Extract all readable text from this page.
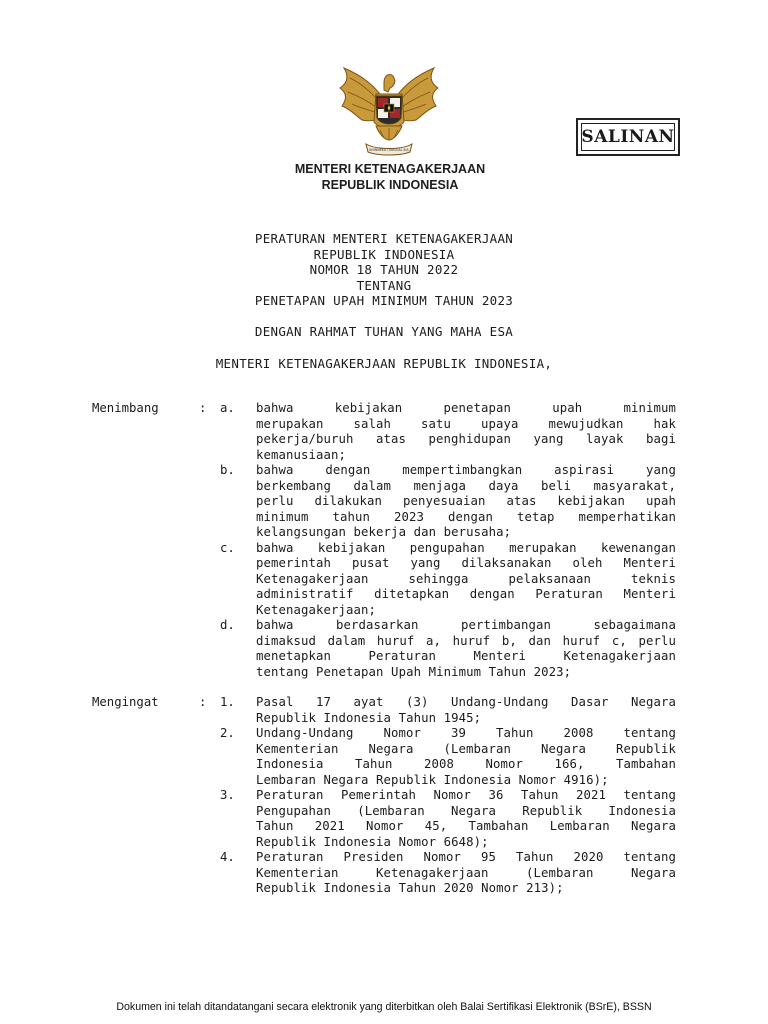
BHINNEKA TUNGGAL IKA
SALINAN
MENTERI KETENAGAKERJAAN
REPUBLIK INDONESIA
PERATURAN MENTERI KETENAGAKERJAAN
REPUBLIK INDONESIA
NOMOR 18 TAHUN 2022
TENTANG
PENETAPAN UPAH MINIMUM TAHUN 2023
DENGAN RAHMAT TUHAN YANG MAHA ESA
MENTERI KETENAGAKERJAAN REPUBLIK INDONESIA,
Menimbang	: a. bahwa kebijakan penetapan upah minimum
merupakan salah satu upaya mewujudkan hak
pekerja/buruh atas penghidupan yang layak bagi
kemanusiaan;
b. bahwa dengan mempertimbangkan aspirasi yang
berkembang dalam menjaga daya beli masyarakat,
perlu dilakukan penyesuaian atas kebijakan upah
minimum tahun 2023 dengan tetap memperhatikan
kelangsungan bekerja dan berusaha;
c. bahwa kebijakan pengupahan merupakan kewenangan
pemerintah pusat yang dilaksanakan oleh Menteri
Ketenagakerjaan sehingga pelaksanaan teknis
administratif ditetapkan dengan Peraturan Menteri
Ketenagakerjaan;
d. bahwa berdasarkan pertimbangan sebagaimana
dimaksud dalam huruf a, huruf b, dan huruf c, perlu
menetapkan Peraturan Menteri Ketenagakerjaan
tentang Penetapan Upah Minimum Tahun 2023;
Mengingat	: 1. Pasal 17 ayat (3) Undang-Undang Dasar Negara
Republik Indonesia Tahun 1945;
2. Undang-Undang Nomor 39 Tahun 2008 tentang
Kementerian Negara (Lembaran Negara Republik
Indonesia Tahun 2008 Nomor 166, Tambahan
Lembaran Negara Republik Indonesia Nomor 4916);
3. Peraturan Pemerintah Nomor 36 Tahun 2021 tentang
Pengupahan (Lembaran Negara Republik Indonesia
Tahun 2021 Nomor 45, Tambahan Lembaran Negara
Republik Indonesia Nomor 6648);
4. Peraturan Presiden Nomor 95 Tahun 2020 tentang
Kementerian Ketenagakerjaan (Lembaran Negara
Republik Indonesia Tahun 2020 Nomor 213);
Dokumen ini telah ditandatangani secara elektronik yang diterbitkan oleh Balai Sertifikasi Elektronik (BSrE), BSSN
